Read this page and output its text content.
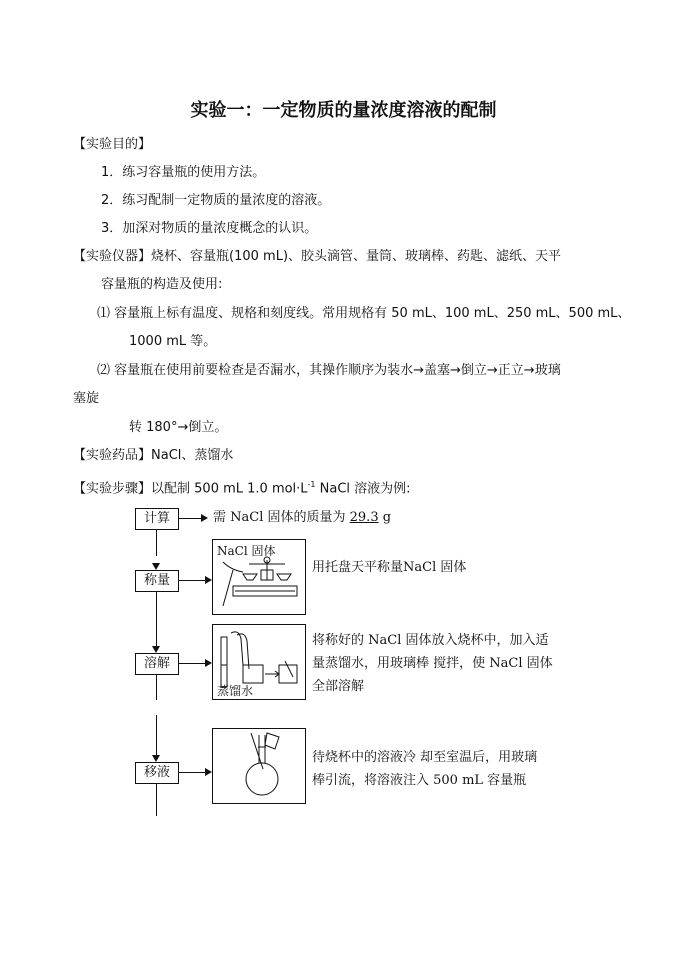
实验一：一定物质的量浓度溶液的配制
【实验目的】
1．练习容量瓶的使用方法。
2．练习配制一定物质的量浓度的溶液。
3．加深对物质的量浓度概念的认识。
【实验仪器】烧杯、容量瓶(100 mL)、胶头滴管、量筒、玻璃棒、药匙、滤纸、天平
容量瓶的构造及使用:
⑴ 容量瓶上标有温度、规格和刻度线。常用规格有 50 mL、100 mL、250 mL、500 mL、
1000 mL 等。
⑵ 容量瓶在使用前要检查是否漏水，其操作顺序为装水→盖塞→倒立→正立→玻璃
塞旋
转 180°→倒立。
【实验药品】NaCl、蒸馏水
【实验步骤】以配制 500 mL 1.0 $mol\cdot L^{-1}$ NaCl 溶液为例:
计算
称量
溶解
移液
需 NaCl 固体的质量为 29.3 g
NaCl 固体
用托盘天平称量NaCl 固体
蒸馏水
将称好的 NaCl 固体放入烧杯中，加入适
量蒸馏水，用玻璃棒 搅拌，使 NaCl 固体
全部溶解
待烧杯中的溶液冷 却至室温后，用玻璃
棒引流，将溶液注入 500 mL 容量瓶
